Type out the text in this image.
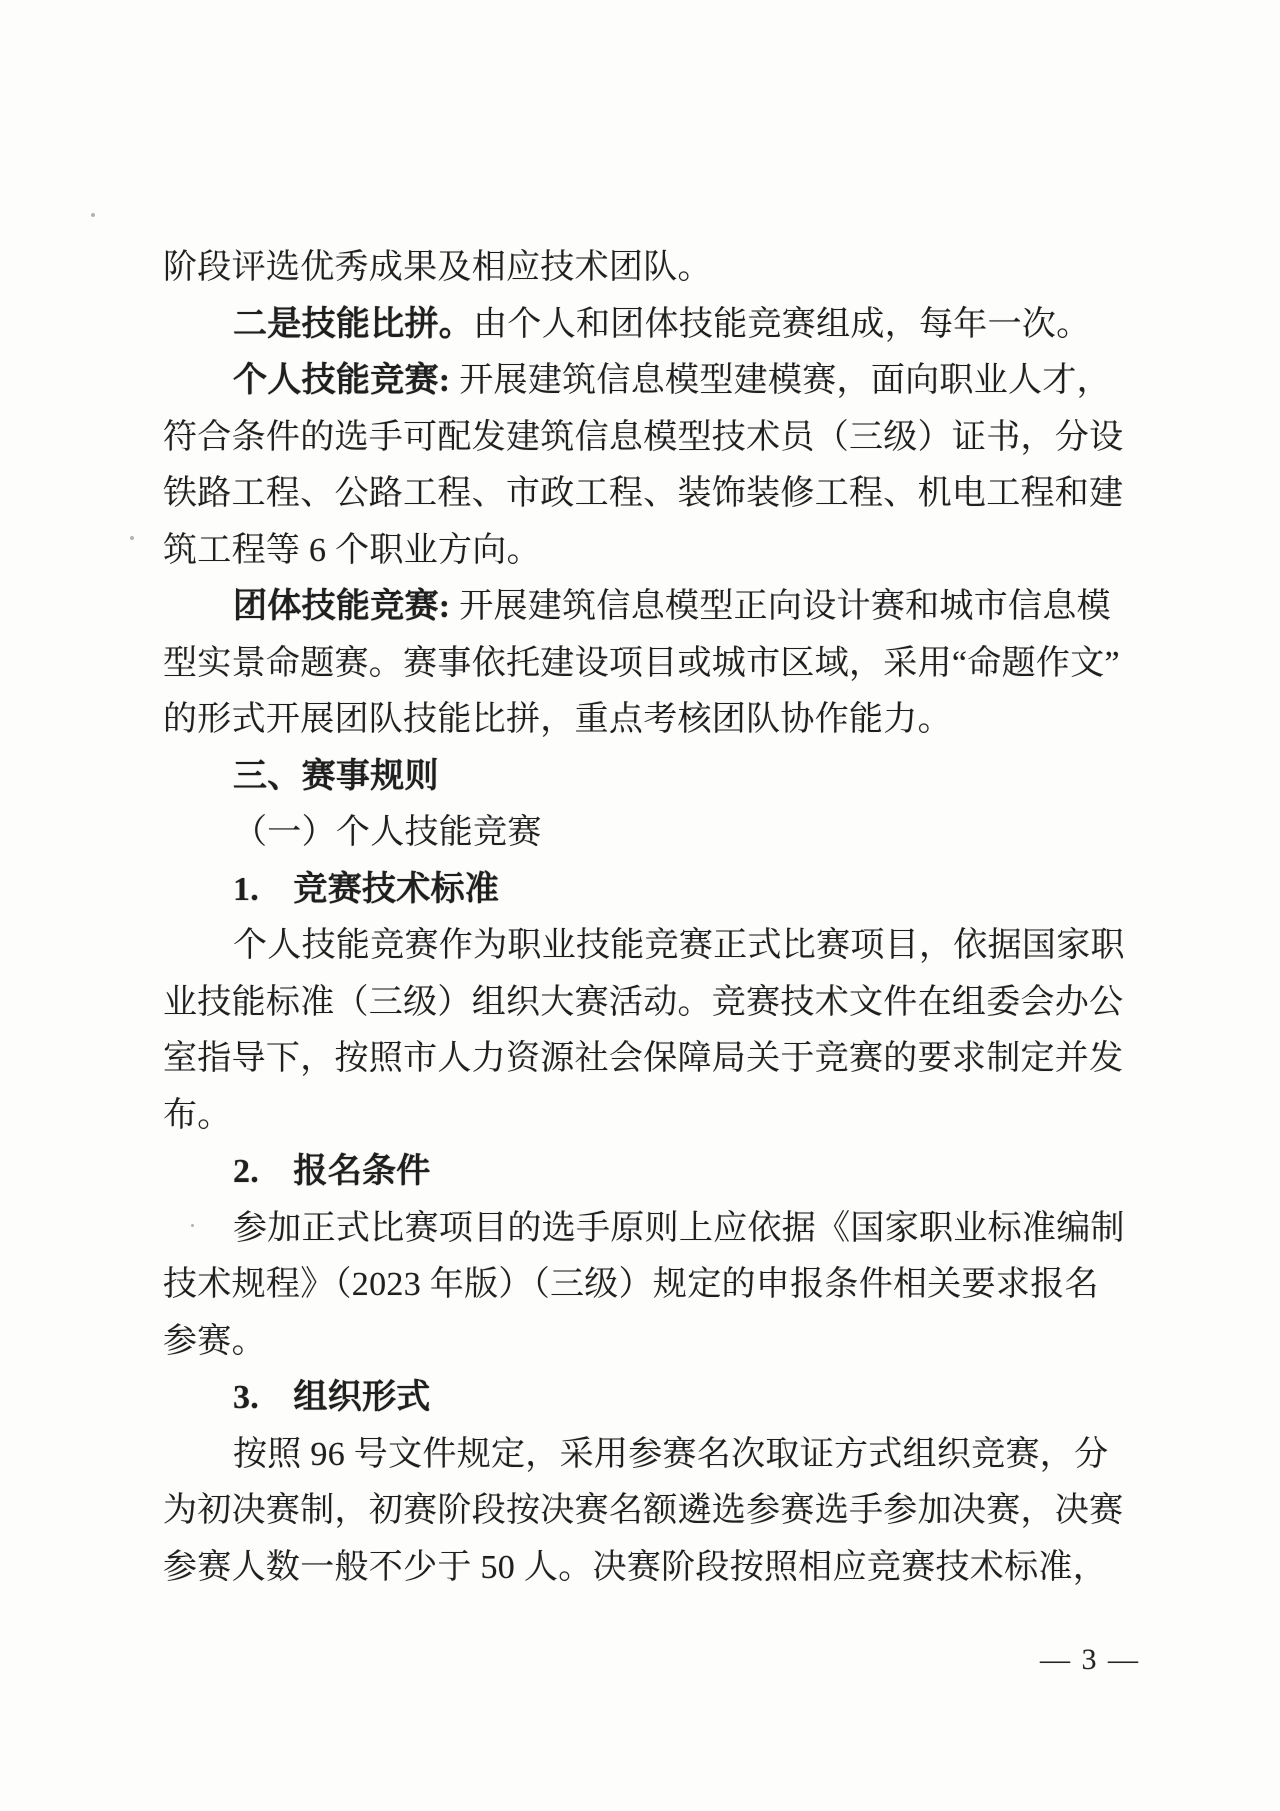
阶段评选优秀成果及相应技术团队。
二是技能比拼。由个人和团体技能竞赛组成，每年一次。
个人技能竞赛: 开展建筑信息模型建模赛，面向职业人才，
符合条件的选手可配发建筑信息模型技术员（三级）证书，分设
铁路工程、公路工程、市政工程、装饰装修工程、机电工程和建
筑工程等 6 个职业方向。
团体技能竞赛: 开展建筑信息模型正向设计赛和城市信息模
型实景命题赛。赛事依托建设项目或城市区域，采用“命题作文”
的形式开展团队技能比拼，重点考核团队协作能力。
三、赛事规则
（一）个人技能竞赛
1. 竞赛技术标准
个人技能竞赛作为职业技能竞赛正式比赛项目，依据国家职
业技能标准（三级）组织大赛活动。竞赛技术文件在组委会办公
室指导下，按照市人力资源社会保障局关于竞赛的要求制定并发
布。
2. 报名条件
参加正式比赛项目的选手原则上应依据《国家职业标准编制
技术规程》（2023 年版）（三级）规定的申报条件相关要求报名
参赛。
3. 组织形式
按照 96 号文件规定，采用参赛名次取证方式组织竞赛，分
为初决赛制，初赛阶段按决赛名额遴选参赛选手参加决赛，决赛
参赛人数一般不少于 50 人。决赛阶段按照相应竞赛技术标准，
— 3 —
